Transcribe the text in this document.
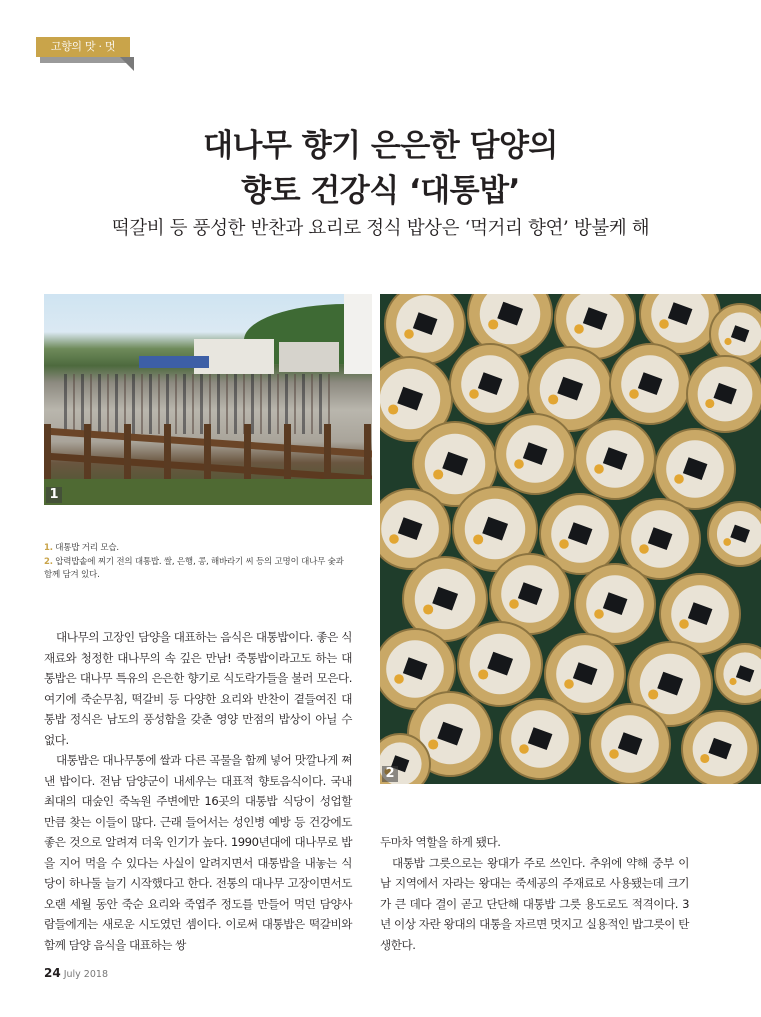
고향의 맛 · 멋
대나무 향기 은은한 담양의
향토 건강식 ‘대통밥’
떡갈비 등 풍성한 반찬과 요리로 정식 밥상은 ‘먹거리 향연’ 방불케 해
1
2
1. 대통밥 거리 모습.
2. 압력밥솥에 찌기 전의 대통밥. 쌀, 은행, 콩, 해바라기 씨 등의 고명이 대나무 숯과 함께 담겨 있다.

대나무의 고장인 담양을 대표하는 음식은 대통밥이다. 좋은 식재료와 청정한 대나무의 속 깊은 만남! 죽통밥이라고도 하는 대통밥은 대나무 특유의 은은한 향기로 식도락가들을 불러 모은다. 여기에 죽순무침, 떡갈비 등 다양한 요리와 반찬이 곁들여진 대통밥 정식은 남도의 풍성함을 갖춘 영양 만점의 밥상이 아닐 수 없다.

대통밥은 대나무통에 쌀과 다른 곡물을 함께 넣어 맛깔나게 쪄낸 밥이다. 전남 담양군이 내세우는 대표적 향토음식이다. 국내 최대의 대숲인 죽녹원 주변에만 16곳의 대통밥 식당이 성업할 만큼 찾는 이들이 많다. 근래 들어서는 성인병 예방 등 건강에도 좋은 것으로 알려져 더욱 인기가 높다. 1990년대에 대나무로 밥을 지어 먹을 수 있다는 사실이 알려지면서 대통밥을 내놓는 식당이 하나둘 늘기 시작했다고 한다. 전통의 대나무 고장이면서도 오랜 세월 동안 죽순 요리와 죽엽주 정도를 만들어 먹던 담양사람들에게는 새로운 시도였던 셈이다. 이로써 대통밥은 떡갈비와 함께 담양 음식을 대표하는 쌍

두마차 역할을 하게 됐다.

대통밥 그릇으로는 왕대가 주로 쓰인다. 추위에 약해 중부 이남 지역에서 자라는 왕대는 죽세공의 주재료로 사용됐는데 크기가 큰 데다 결이 곧고 단단해 대통밥 그릇 용도로도 적격이다. 3년 이상 자란 왕대의 대통을 자르면 멋지고 실용적인 밥그릇이 탄생한다.

24 July 2018
